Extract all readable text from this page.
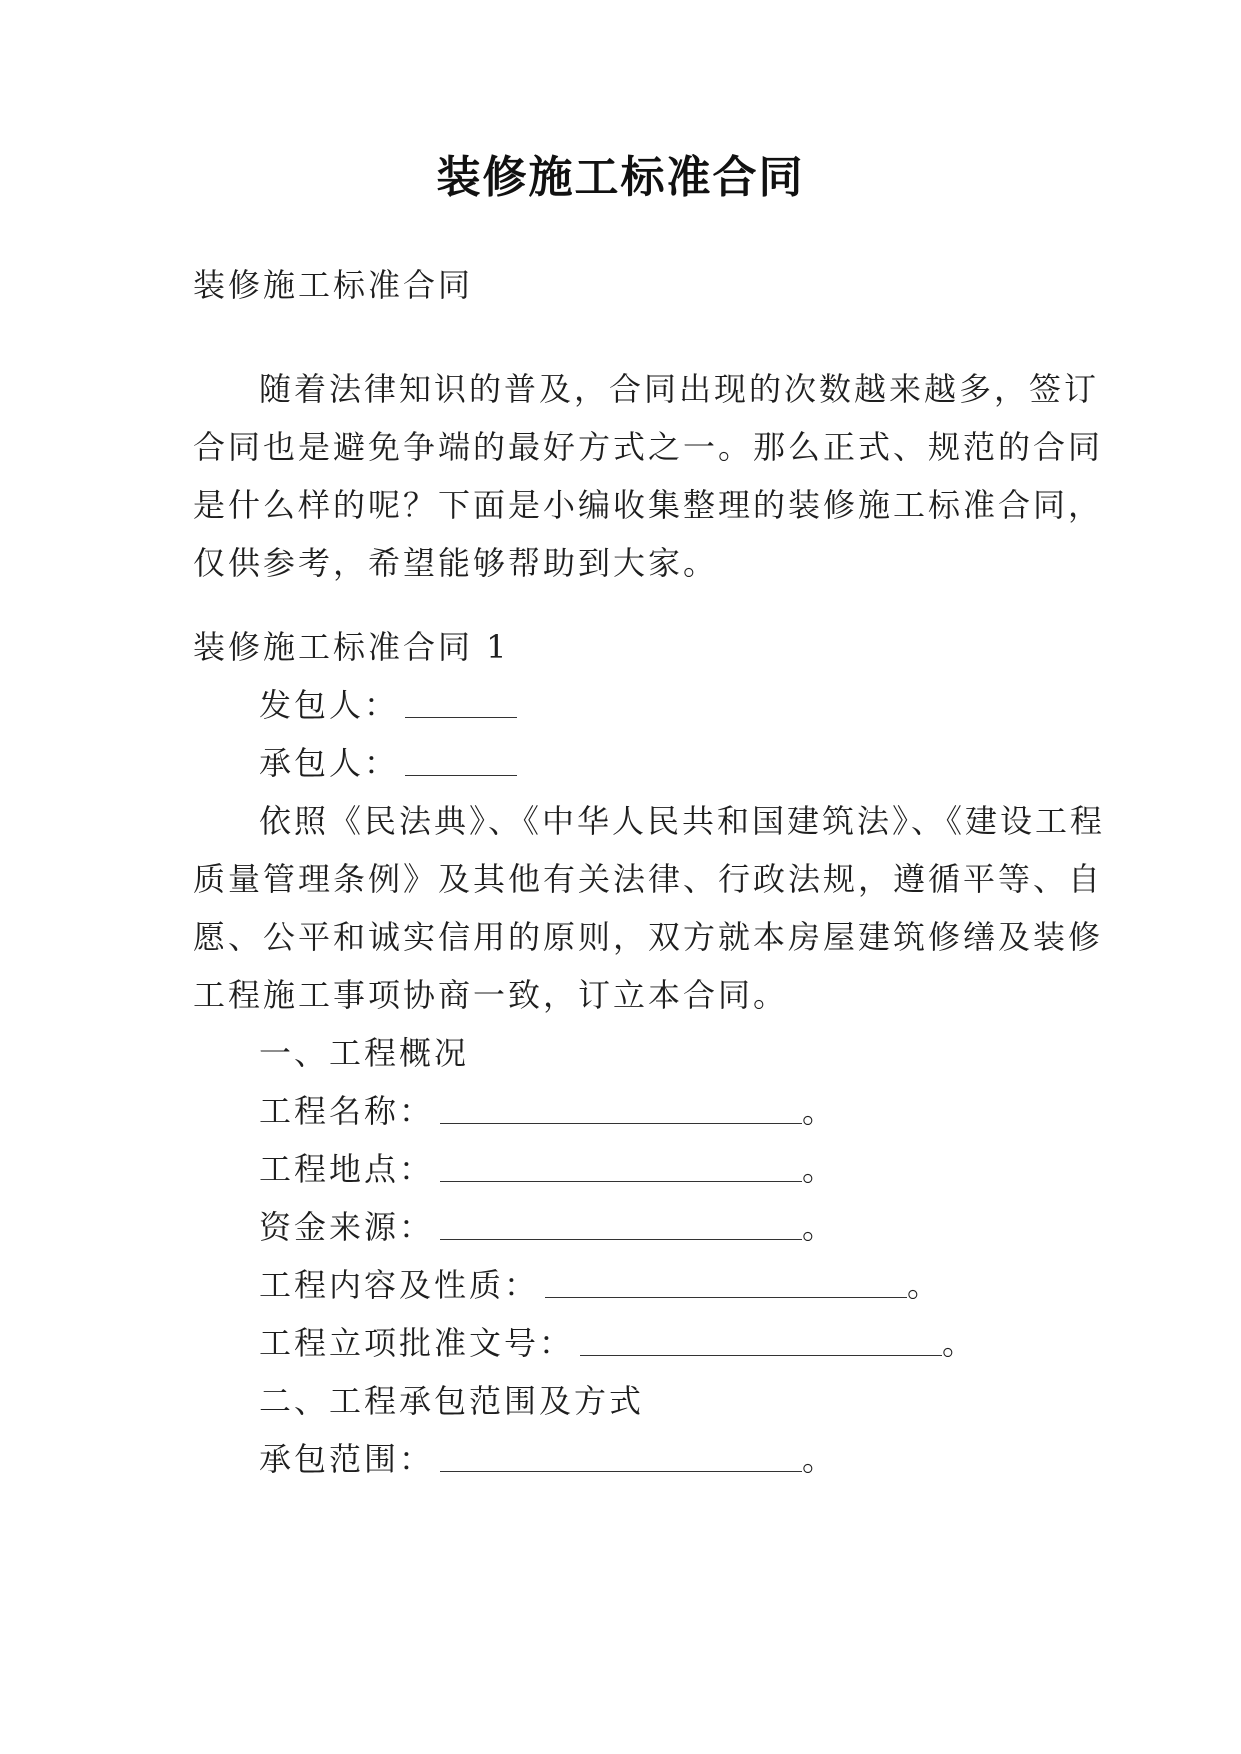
装修施工标准合同
装修施工标准合同
随着法律知识的普及，合同出现的次数越来越多，签订
合同也是避免争端的最好方式之一。那么正式、规范的合同
是什么样的呢？下面是小编收集整理的装修施工标准合同，
仅供参考，希望能够帮助到大家。
装修施工标准合同 1
发包人：
承包人：
依照《民法典》、《中华人民共和国建筑法》、《建设工程
质量管理条例》及其他有关法律、行政法规，遵循平等、自
愿、公平和诚实信用的原则，双方就本房屋建筑修缮及装修
工程施工事项协商一致，订立本合同。
一、工程概况
工程名称：	。
工程地点：	。
资金来源：	。
工程内容及性质：	。
工程立项批准文号：	。
二、工程承包范围及方式
承包范围：	。
